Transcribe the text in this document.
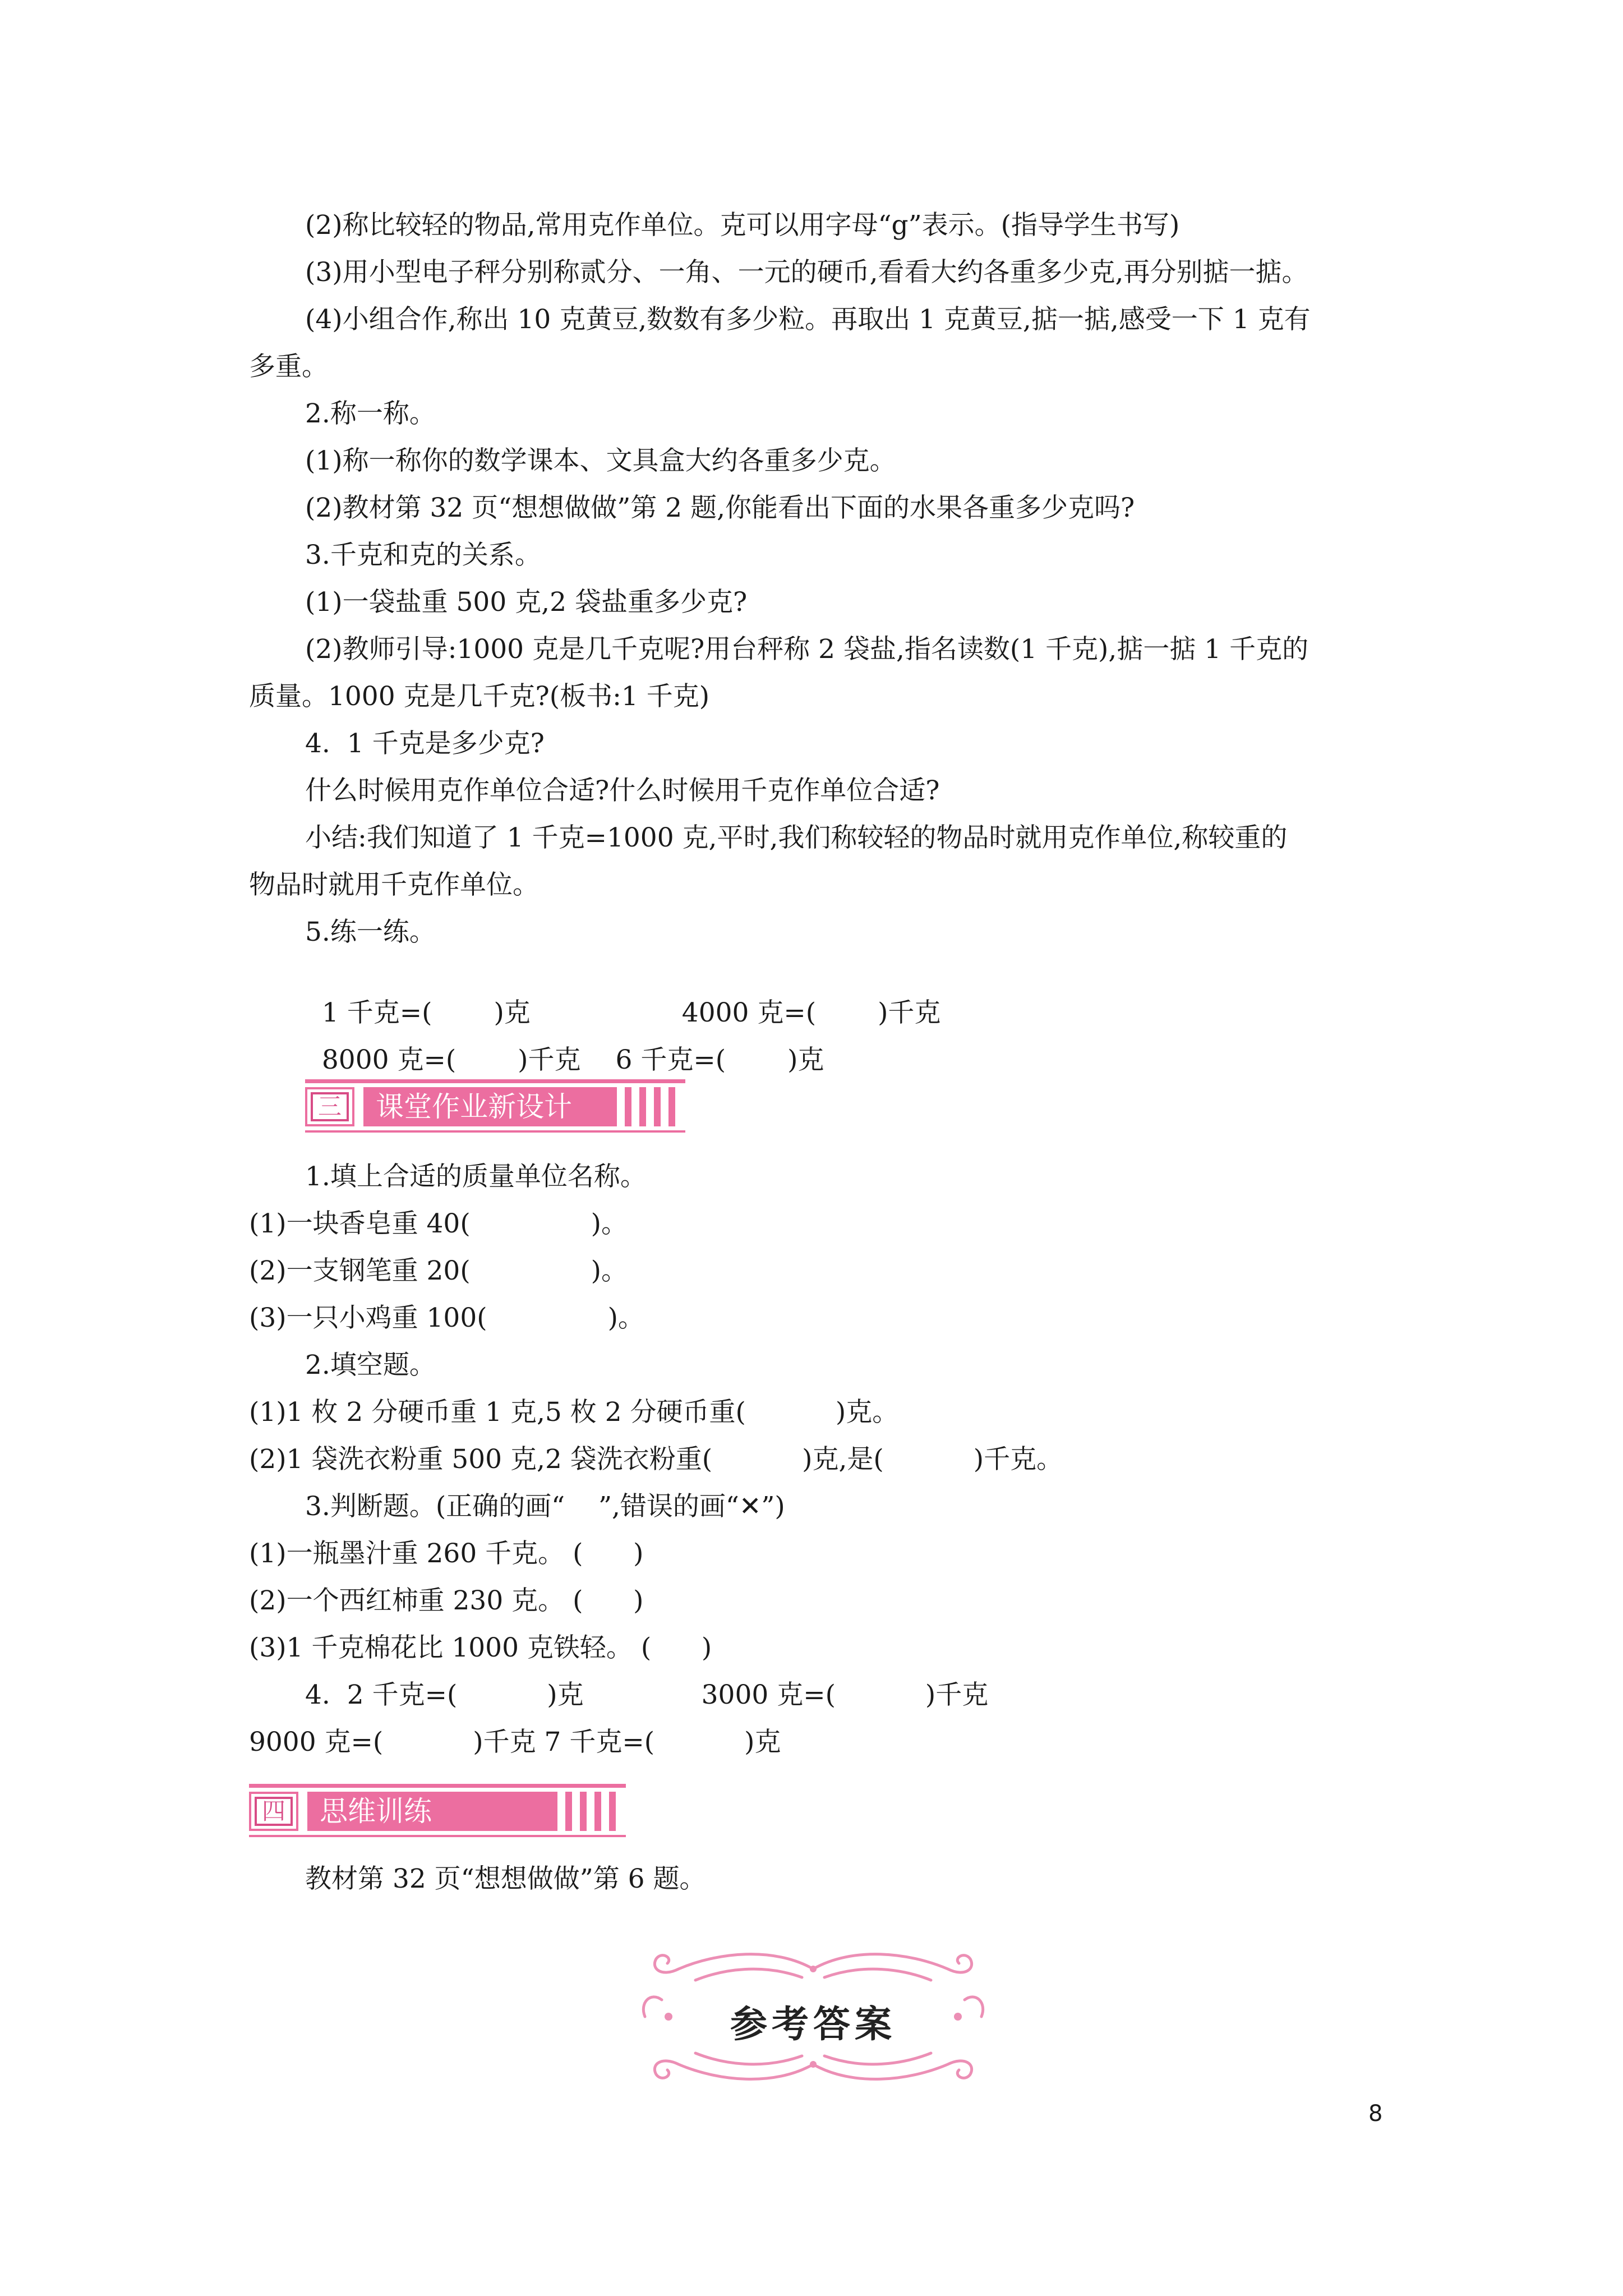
(2)称比较轻的物品,常用克作单位。克可以用字母“g”表示。(指导学生书写)
(3)用小型电子秤分别称贰分、一角、一元的硬币,看看大约各重多少克,再分别掂一掂。
(4)小组合作,称出 10 克黄豆,数数有多少粒。再取出 1 克黄豆,掂一掂,感受一下 1 克有
多重。
2.称一称。
(1)称一称你的数学课本、文具盒大约各重多少克。
(2)教材第 32 页“想想做做”第 2 题,你能看出下面的水果各重多少克吗?
3.千克和克的关系。
(1)一袋盐重 500 克,2 袋盐重多少克?
(2)教师引导:1000 克是几千克呢?用台秤称 2 袋盐,指名读数(1 千克),掂一掂 1 千克的
质量。1000 克是几千克?(板书:1 千克)
4.  1 千克是多少克?
什么时候用克作单位合适?什么时候用千克作单位合适?
小结:我们知道了 1 千克=1000 克,平时,我们称较轻的物品时就用克作单位,称较重的
物品时就用千克作单位。
5.练一练。

1 千克=( )克	4000 克=( )千克

8000 克=( )千克 6 千克=( )克

三	课堂作业新设计
1.填上合适的质量单位名称。
(1)一块香皂重 40(	)。
(2)一支钢笔重 20(	)。
(3)一只小鸡重 100(	)。
2.填空题。
(1)1 枚 2 分硬币重 1 克,5 枚 2 分硬币重(	)克。
(2)1 袋洗衣粉重 500 克,2 袋洗衣粉重(	)克,是(	)千克。
3.判断题。(正确的画“    ”,错误的画“✕”)
(1)一瓶墨汁重 260 千克。 (      )
(2)一个西红柿重 230 克。 (      )
(3)1 千克棉花比 1000 克铁轻。 (      )
4.  2 千克=(	)克	3000 克=(	)千克
9000 克=(	)千克 7 千克=(	)克
四	思维训练
教材第 32 页“想想做做”第 6 题。
参考答案
8
